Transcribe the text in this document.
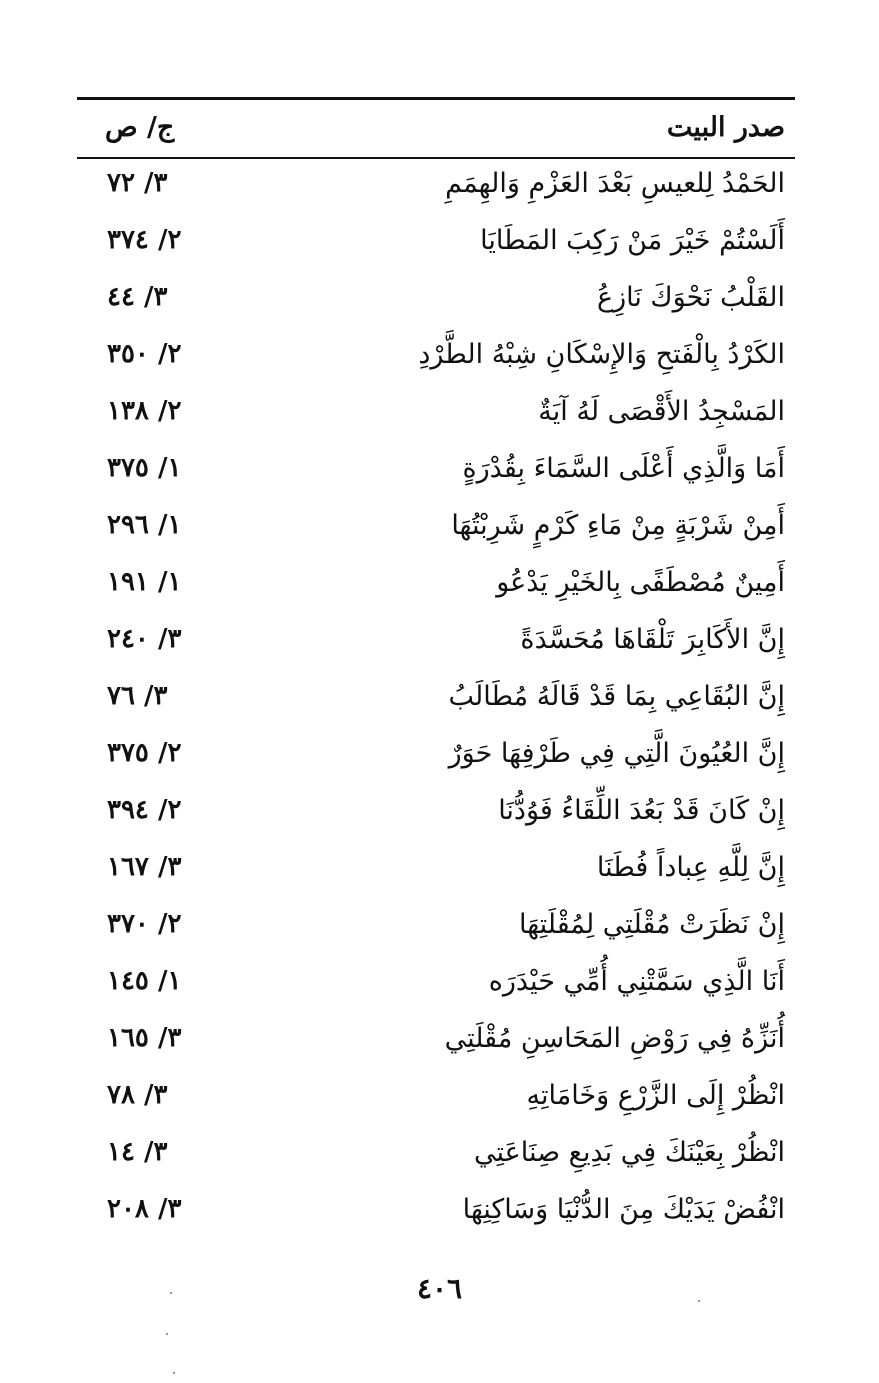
صدر البيت
ج/ ص
الحَمْدُ لِلعيسِ بَعْدَ العَزْمِ وَالهِمَمِ
٣/ ٧٢
أَلَسْتُمْ خَيْرَ مَنْ رَكِبَ المَطَايَا
٢/ ٣٧٤
القَلْبُ نَحْوَكَ نَازِعُ
٣/ ٤٤
الكَرْدُ بِالْفَتحِ وَالإِسْكَانِ شِبْهُ الطَّرْدِ
٢/ ٣٥٠
المَسْجِدُ الأَقْصَى لَهُ آيَةٌ
٢/ ١٣٨
أَمَا وَالَّذِي أَعْلَى السَّمَاءَ بِقُدْرَةٍ
١/ ٣٧٥
أَمِنْ شَرْبَةٍ مِنْ مَاءِ كَرْمٍ شَرِبْتُهَا
١/ ٢٩٦
أَمِينٌ مُصْطَفًى بِالخَيْرِ يَدْعُو
١/ ١٩١
إِنَّ الأَكَابِرَ تَلْقَاهَا مُحَسَّدَةً
٣/ ٢٤٠
إِنَّ البُقَاعِي بِمَا قَدْ قَالَهُ مُطَالَبُ
٣/ ٧٦
إِنَّ العُيُونَ الَّتِي فِي طَرْفِهَا حَوَرٌ
٢/ ٣٧٥
إِنْ كَانَ قَدْ بَعُدَ اللِّقَاءُ فَوُدُّنَا
٢/ ٣٩٤
إِنَّ لِلَّهِ عِباداً فُطَنَا
٣/ ١٦٧
إِنْ نَظَرَتْ مُقْلَتِي لِمُقْلَتِهَا
٢/ ٣٧٠
أَنَا الَّذِي سَمَّتْنِي أُمِّي حَيْدَرَه
١/ ١٤٥
أُنَزِّهُ فِي رَوْضِ المَحَاسِنِ مُقْلَتِي
٣/ ١٦٥
انْظُرْ إِلَى الزَّرْعِ وَخَامَاتِهِ
٣/ ٧٨
انْظُرْ بِعَيْنَكَ فِي بَدِيعِ صِنَاعَتِي
٣/ ١٤
انْفُضْ يَدَيْكَ مِنَ الدُّنْيَا وَسَاكِنِهَا
٣/ ٢٠٨
٤٠٦
